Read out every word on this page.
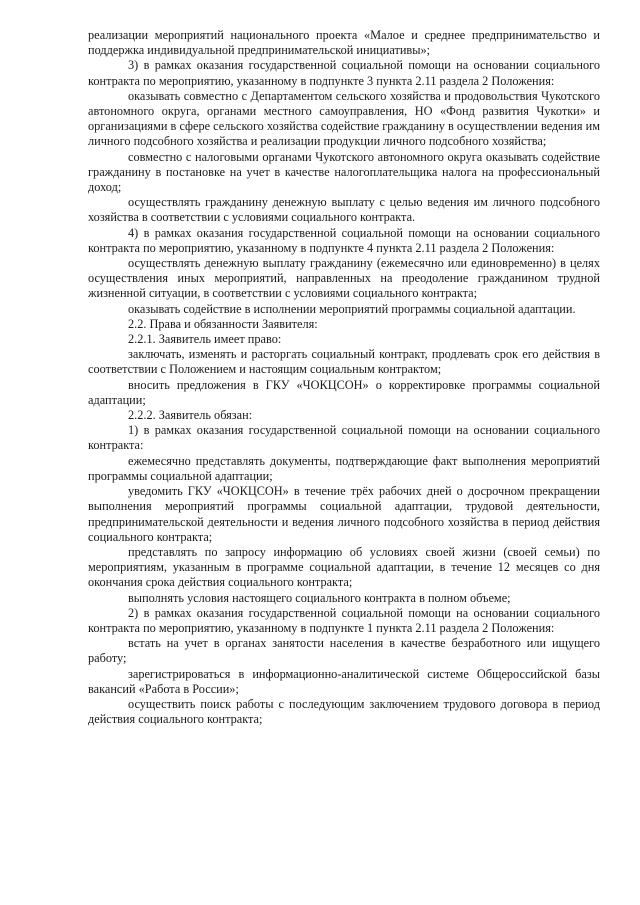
реализации мероприятий национального проекта «Малое и среднее предпринимательство и поддержка индивидуальной предпринимательской инициативы»;

3) в рамках оказания государственной социальной помощи на основании социального контракта по мероприятию, указанному в подпункте 3 пункта 2.11 раздела 2 Положения:

оказывать совместно с Департаментом сельского хозяйства и продовольствия Чукотского автономного округа, органами местного самоуправления, НО «Фонд развития Чукотки» и организациями в сфере сельского хозяйства содействие гражданину в осуществлении ведения им личного подсобного хозяйства и реализации продукции личного подсобного хозяйства;

совместно с налоговыми органами Чукотского автономного округа оказывать содействие гражданину в постановке на учет в качестве налогоплательщика налога на профессиональный доход;

осуществлять гражданину денежную выплату с целью ведения им личного подсобного хозяйства в соответствии с условиями социального контракта.

4) в рамках оказания государственной социальной помощи на основании социального контракта по мероприятию, указанному в подпункте 4 пункта 2.11 раздела 2 Положения:

осуществлять денежную выплату гражданину (ежемесячно или единовременно) в целях осуществления иных мероприятий, направленных на преодоление гражданином трудной жизненной ситуации, в соответствии с условиями социального контракта;

оказывать содействие в исполнении мероприятий программы социальной адаптации.

2.2. Права и обязанности Заявителя:

2.2.1. Заявитель имеет право:

заключать, изменять и расторгать социальный контракт, продлевать срок его действия в соответствии с Положением и настоящим социальным контрактом;

вносить предложения в ГКУ «ЧОКЦСОН» о корректировке программы социальной адаптации;

2.2.2. Заявитель обязан:

1) в рамках оказания государственной социальной помощи на основании социального контракта:

ежемесячно представлять документы, подтверждающие факт выполнения мероприятий программы социальной адаптации;

уведомить ГКУ «ЧОКЦСОН» в течение трёх рабочих дней о досрочном прекращении выполнения мероприятий программы социальной адаптации, трудовой деятельности, предпринимательской деятельности и ведения личного подсобного хозяйства в период действия социального контракта;

представлять по запросу информацию об условиях своей жизни (своей семьи) по мероприятиям, указанным в программе социальной адаптации, в течение 12 месяцев со дня окончания срока действия социального контракта;

выполнять условия настоящего социального контракта в полном объеме;

2) в рамках оказания государственной социальной помощи на основании социального контракта по мероприятию, указанному в подпункте 1 пункта 2.11 раздела 2 Положения:

встать на учет в органах занятости населения в качестве безработного или ищущего работу;

зарегистрироваться в информационно-аналитической системе Общероссийской базы вакансий «Работа в России»;

осуществить поиск работы с последующим заключением трудового договора в период действия социального контракта;
